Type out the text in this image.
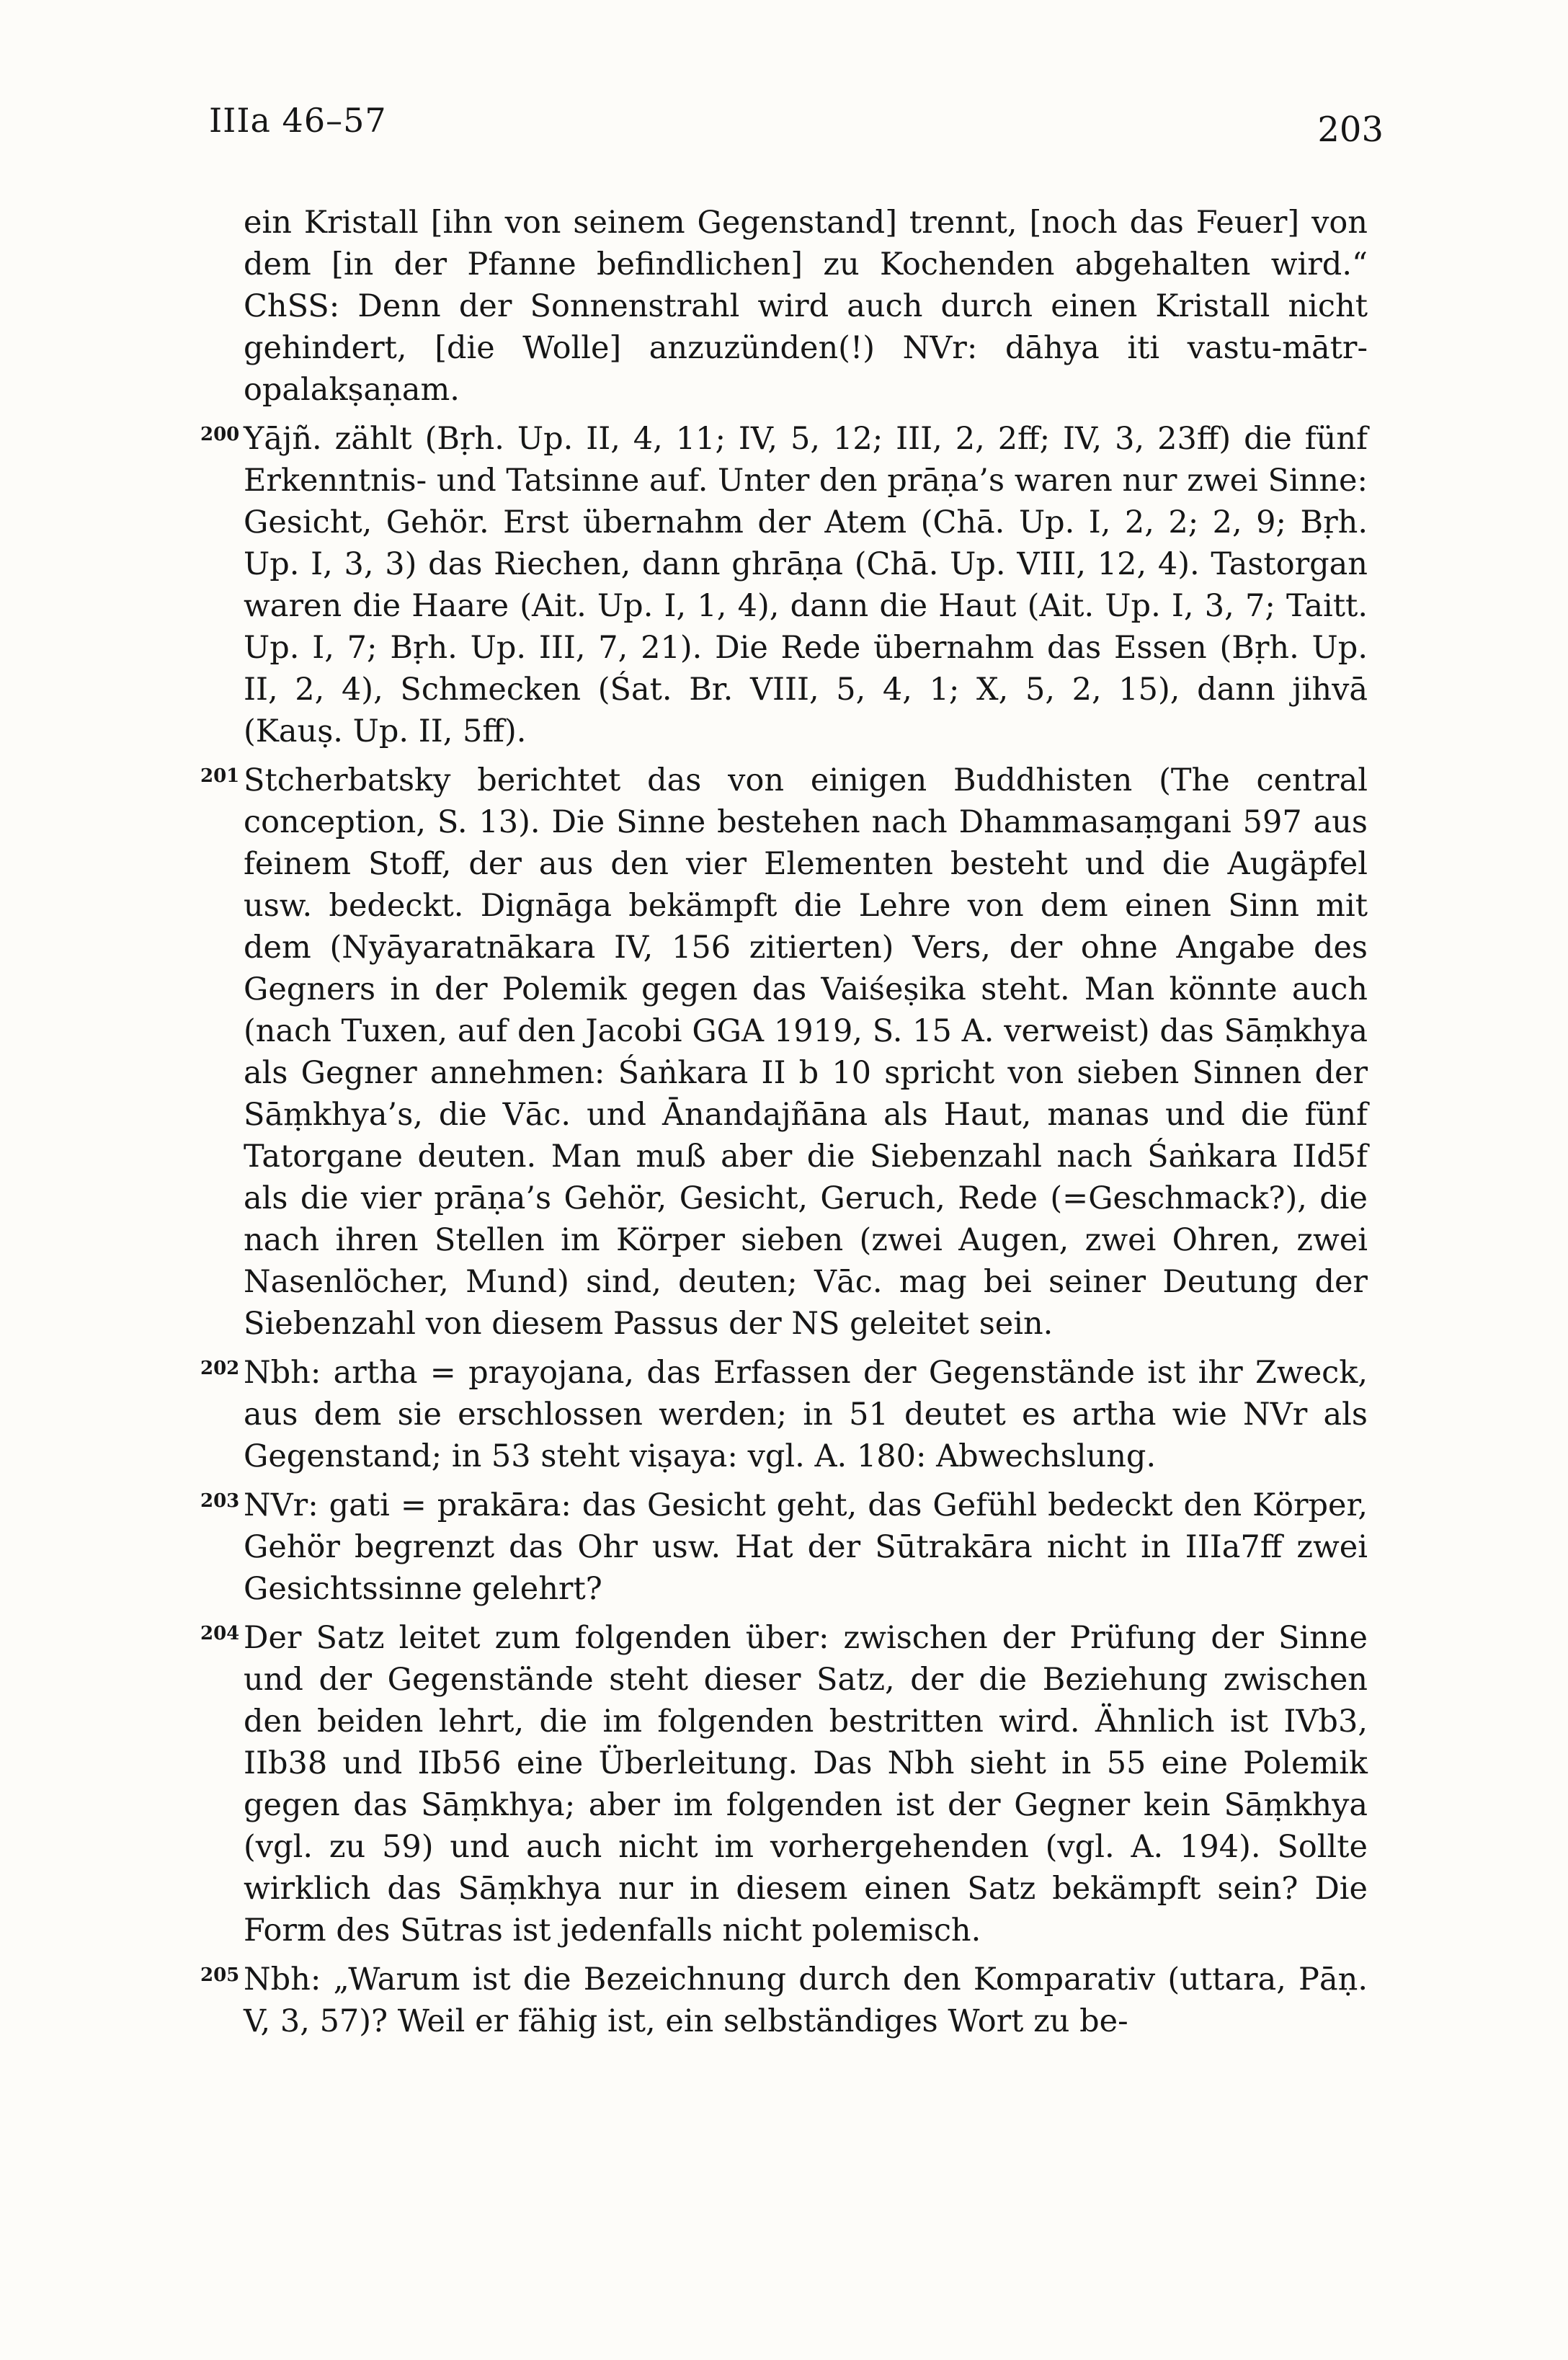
IIIa 46–57	203
ein Kristall [ihn von seinem Gegenstand] trennt, [noch das Feuer] von dem [in der Pfanne befindlichen] zu Kochenden abgehalten wird.“ ChSS: Denn der Sonnenstrahl wird auch durch einen Kristall nicht gehindert, [die Wolle] anzuzünden(!) NVr: dāhya iti vastu-mātr-opalakṣaṇam.
200 Yājñ. zählt (Bṛh. Up. II, 4, 11; IV, 5, 12; III, 2, 2ff; IV, 3, 23ff) die fünf Erkenntnis- und Tatsinne auf. Unter den prāṇa’s waren nur zwei Sinne: Gesicht, Gehör. Erst übernahm der Atem (Chā. Up. I, 2, 2; 2, 9; Bṛh. Up. I, 3, 3) das Riechen, dann ghrāṇa (Chā. Up. VIII, 12, 4). Tastorgan waren die Haare (Ait. Up. I, 1, 4), dann die Haut (Ait. Up. I, 3, 7; Taitt. Up. I, 7; Bṛh. Up. III, 7, 21). Die Rede übernahm das Essen (Bṛh. Up. II, 2, 4), Schmecken (Śat. Br. VIII, 5, 4, 1; X, 5, 2, 15), dann jihvā (Kauṣ. Up. II, 5ff).
201 Stcherbatsky berichtet das von einigen Buddhisten (The central conception, S. 13). Die Sinne bestehen nach Dhammasaṃgani 597 aus feinem Stoff, der aus den vier Elementen besteht und die Augäpfel usw. bedeckt. Dignāga bekämpft die Lehre von dem einen Sinn mit dem (Nyāyaratnākara IV, 156 zitierten) Vers, der ohne Angabe des Gegners in der Polemik gegen das Vaiśeṣika steht. Man könnte auch (nach Tuxen, auf den Jacobi GGA 1919, S. 15 A. verweist) das Sāṃkhya als Gegner annehmen: Śaṅkara II b 10 spricht von sieben Sinnen der Sāṃkhya’s, die Vāc. und Ānandajñāna als Haut, manas und die fünf Tatorgane deuten. Man muß aber die Siebenzahl nach Śaṅkara IId5f als die vier prāṇa’s Gehör, Gesicht, Geruch, Rede (=Geschmack?), die nach ihren Stellen im Körper sieben (zwei Augen, zwei Ohren, zwei Nasenlöcher, Mund) sind, deuten; Vāc. mag bei seiner Deutung der Siebenzahl von diesem Passus der NS geleitet sein.
202 Nbh: artha = prayojana, das Erfassen der Gegenstände ist ihr Zweck, aus dem sie erschlossen werden; in 51 deutet es artha wie NVr als Gegenstand; in 53 steht viṣaya: vgl. A. 180: Abwechslung.
203 NVr: gati = prakāra: das Gesicht geht, das Gefühl bedeckt den Körper, Gehör begrenzt das Ohr usw. Hat der Sūtrakāra nicht in IIIa7ff zwei Gesichtssinne gelehrt?
204 Der Satz leitet zum folgenden über: zwischen der Prüfung der Sinne und der Gegenstände steht dieser Satz, der die Beziehung zwischen den beiden lehrt, die im folgenden bestritten wird. Ähnlich ist IVb3, IIb38 und IIb56 eine Überleitung. Das Nbh sieht in 55 eine Polemik gegen das Sāṃkhya; aber im folgenden ist der Gegner kein Sāṃkhya (vgl. zu 59) und auch nicht im vorhergehenden (vgl. A. 194). Sollte wirklich das Sāṃkhya nur in diesem einen Satz bekämpft sein? Die Form des Sūtras ist jedenfalls nicht polemisch.
205 Nbh: „Warum ist die Bezeichnung durch den Komparativ (uttara, Pāṇ. V, 3, 57)? Weil er fähig ist, ein selbständiges Wort zu be-
